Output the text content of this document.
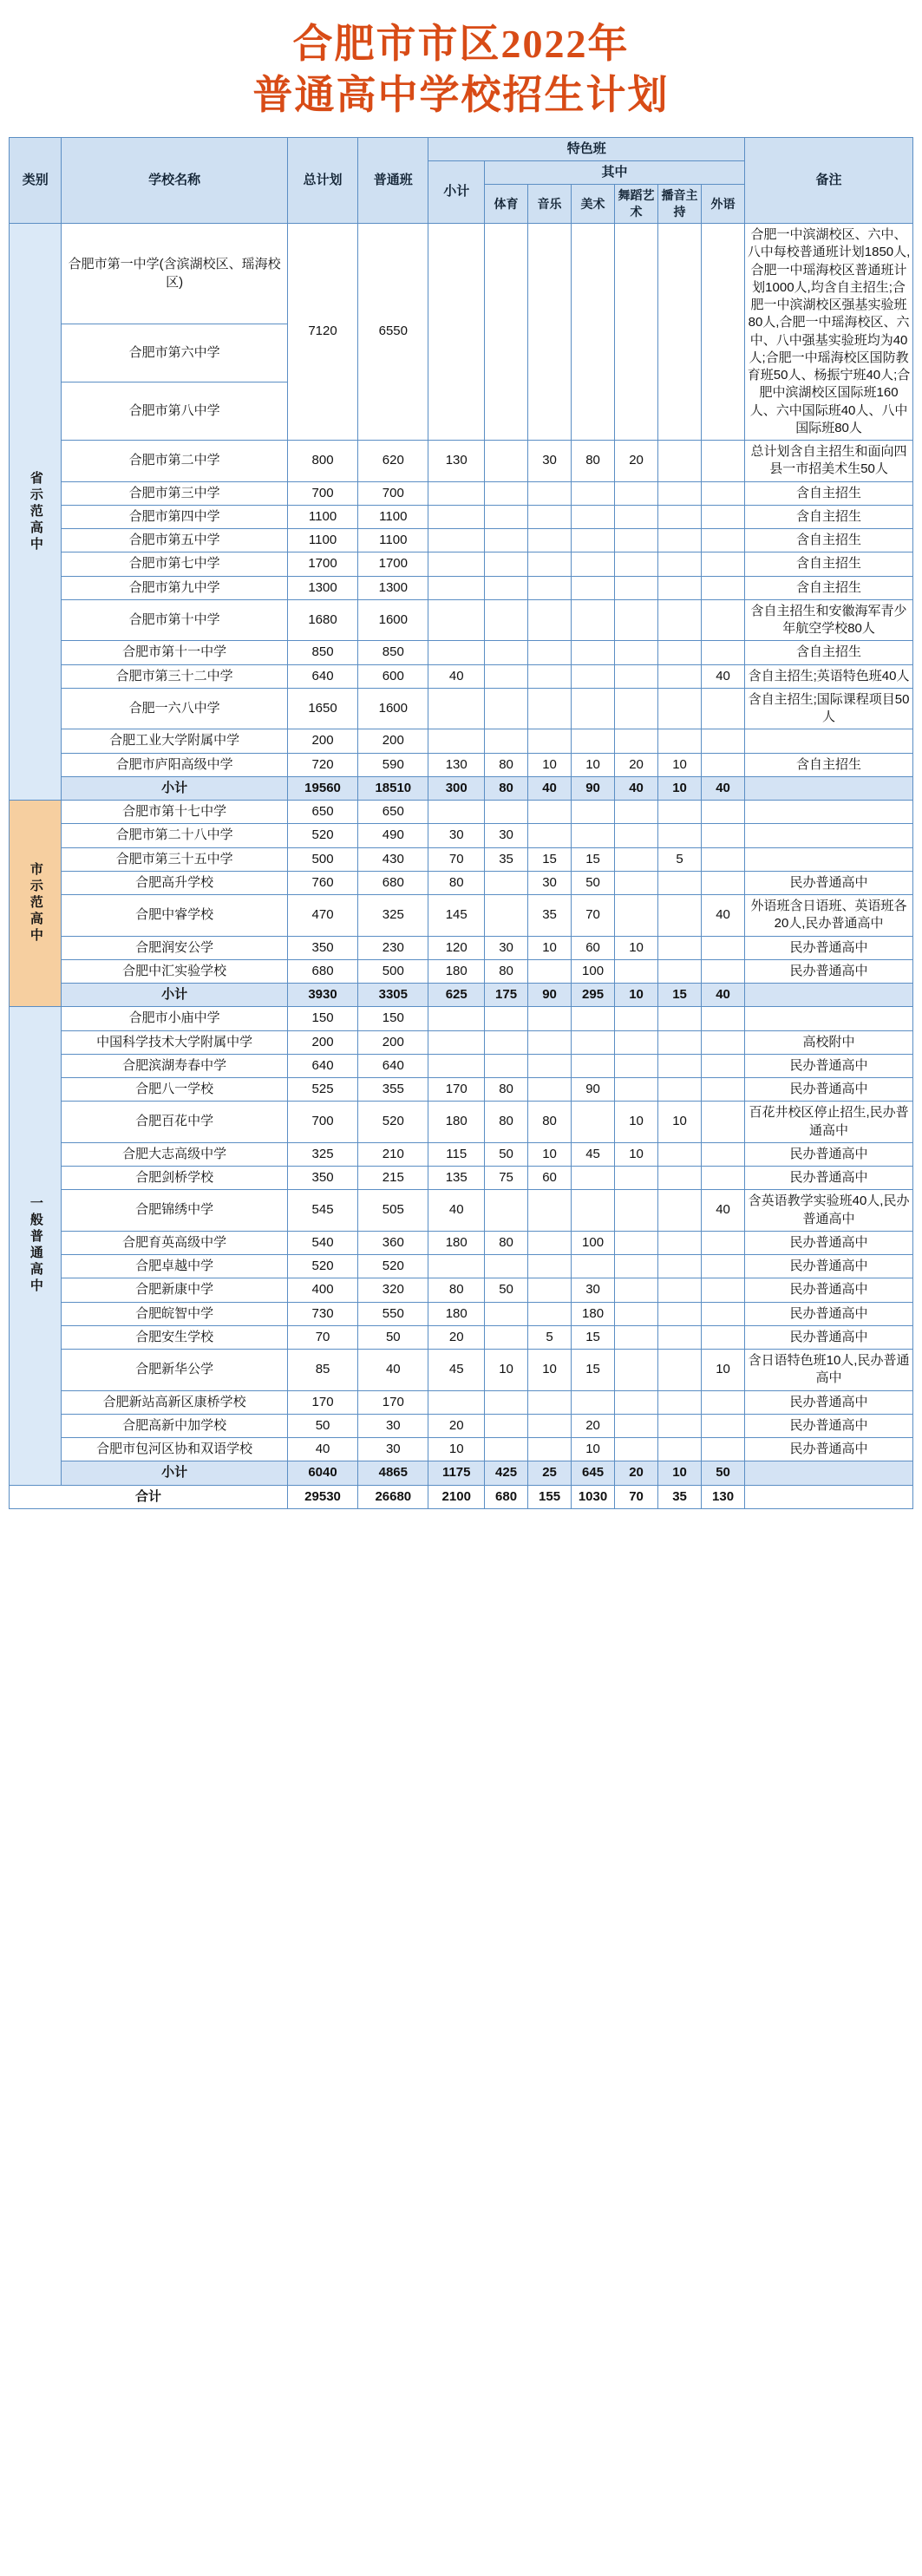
合肥市市区2022年
普通高中学校招生计划
类别	学校名称	总计划	普通班	特色班							备注
				小计	其中						
					体育	音乐	美术	舞蹈艺术	播音主持	外语	
省示范高中	合肥市第一中学(含滨湖校区、瑶海校区)	7120	6550								合肥一中滨湖校区、六中、八中每校普通班计划1850人,合肥一中瑶海校区普通班计划1000人,均含自主招生;合肥一中滨湖校区强基实验班80人,合肥一中瑶海校区、六中、八中强基实验班均为40人;合肥一中瑶海校区国防教育班50人、杨振宁班40人;合肥中滨湖校区国际班160人、六中国际班40人、八中国际班80人
	合肥市第六中学										
	合肥市第八中学										
	合肥市第二中学	800	620	130		30	80	20			总计划含自主招生和面向四县一市招美术生50人
	合肥市第三中学	700	700								含自主招生
	合肥市第四中学	1100	1100								含自主招生
	合肥市第五中学	1100	1100								含自主招生
	合肥市第七中学	1700	1700								含自主招生
	合肥市第九中学	1300	1300								含自主招生
	合肥市第十中学	1680	1600								含自主招生和安徽海军青少年航空学校80人
	合肥市第十一中学	850	850								含自主招生
	合肥市第三十二中学	640	600	40						40	含自主招生;英语特色班40人
	合肥一六八中学	1650	1600								含自主招生;国际课程项目50人
	合肥工业大学附属中学	200	200								
	合肥市庐阳高级中学	720	590	130	80	10	10	20	10		含自主招生
	小计	19560	18510	300	80	40	90	40	10	40	
市示范高中	合肥市第十七中学	650	650								
	合肥市第二十八中学	520	490	30	30						
	合肥市第三十五中学	500	430	70	35	15	15		5		
	合肥高升学校	760	680	80		30	50				民办普通高中
	合肥中睿学校	470	325	145		35	70			40	外语班含日语班、英语班各20人,民办普通高中
	合肥润安公学	350	230	120	30	10	60	10			民办普通高中
	合肥中汇实验学校	680	500	180	80		100				民办普通高中
	小计	3930	3305	625	175	90	295	10	15	40	
一般普通高中	合肥市小庙中学	150	150								
	中国科学技术大学附属中学	200	200								高校附中
	合肥滨湖寿春中学	640	640								民办普通高中
	合肥八一学校	525	355	170	80		90				民办普通高中
	合肥百花中学	700	520	180	80	80		10	10		百花井校区停止招生,民办普通高中
	合肥大志高级中学	325	210	115	50	10	45	10			民办普通高中
	合肥剑桥学校	350	215	135	75	60					民办普通高中
	合肥锦绣中学	545	505	40						40	含英语教学实验班40人,民办普通高中
	合肥育英高级中学	540	360	180	80		100				民办普通高中
	合肥卓越中学	520	520								民办普通高中
	合肥新康中学	400	320	80	50		30				民办普通高中
	合肥皖智中学	730	550	180			180				民办普通高中
	合肥安生学校	70	50	20		5	15				民办普通高中
	合肥新华公学	85	40	45	10	10	15			10	含日语特色班10人,民办普通高中
	合肥新站高新区康桥学校	170	170								民办普通高中
	合肥高新中加学校	50	30	20			20				民办普通高中
	合肥市包河区协和双语学校	40	30	10			10				民办普通高中
	小计	6040	4865	1175	425	25	645	20	10	50	
合计		29530	26680	2100	680	155	1030	70	35	130	
